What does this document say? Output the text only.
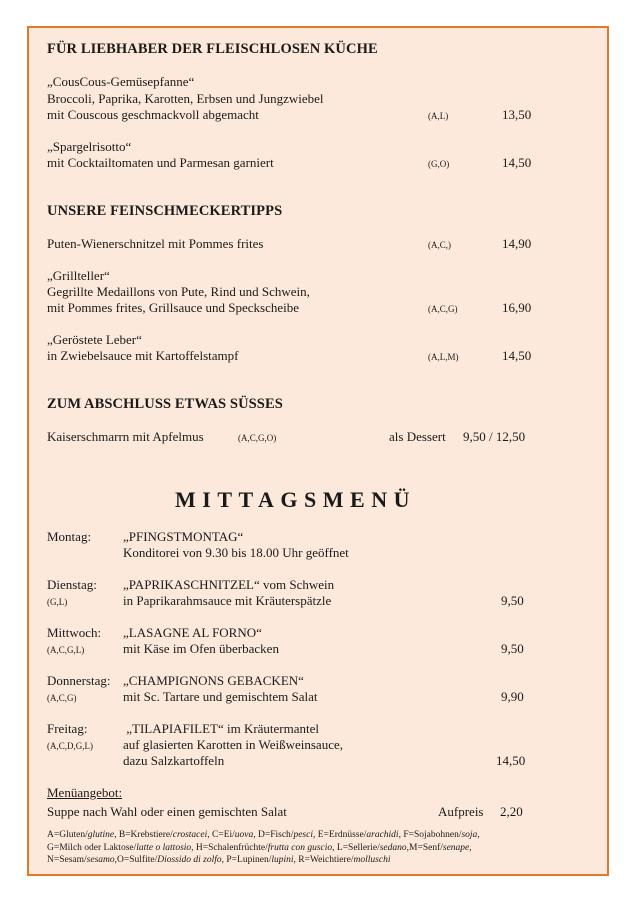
FÜR LIEBHABER DER FLEISCHLOSEN KÜCHE
„CousCous-Gemüsepfanne“
Broccoli, Paprika, Karotten, Erbsen und Jungzwiebel
mit Couscous geschmackvoll abgemacht	(A,L)	13,50
„Spargelrisotto“
mit Cocktailtomaten und Parmesan garniert	(G,O)	14,50
UNSERE FEINSCHMECKERTIPPS
Puten-Wienerschnitzel mit Pommes frites	(A,C,)	14,90
„Grillteller“
Gegrillte Medaillons von Pute, Rind und Schwein,
mit Pommes frites, Grillsauce und Speckscheibe	(A,C,G)	16,90
„Geröstete Leber“
in Zwiebelsauce mit Kartoffelstampf	(A,L,M)	14,50
ZUM ABSCHLUSS ETWAS SÜSSES
Kaiserschmarrn mit Apfelmus	(A,C,G,O)	als Dessert 9,50 / 12,50
MITTAGSMENÜ
Montag: „PFINGSTMONTAG“
Konditorei von 9.30 bis 18.00 Uhr geöffnet
Dienstag:
(G,L)
„PAPRIKASCHNITZEL“ vom Schwein
in Paprikarahmsauce mit Kräuterspätzle	9,50
Mittwoch:
(A,C,G,L)
„LASAGNE AL FORNO“
mit Käse im Ofen überbacken	9,50
Donnerstag:
(A,C,G)
„CHAMPIGNONS GEBACKEN“
mit Sc. Tartare und gemischtem Salat	9,90
Freitag:
(A,C,D,G,L)
„TILAPIAFILET“ im Kräutermantel
auf glasierten Karotten in Weißweinsauce,
dazu Salzkartoffeln	14,50
Menüangebot:
Suppe nach Wahl oder einen gemischten Salat	Aufpreis 2,20
A=Gluten/glutine, B=Krebstiere/crostacei, C=Ei/uova, D=Fisch/pesci, E=Erdnüsse/arachidi, F=Sojabohnen/soja,
G=Milch oder Laktose/latte o lattosio, H=Schalenfrüchte/frutta con guscio, L=Sellerie/sedano,M=Senf/senape,
N=Sesam/sesamo,O=Sulfite/Diossido di zolfo, P=Lupinen/lupini, R=Weichtiere/molluschi
